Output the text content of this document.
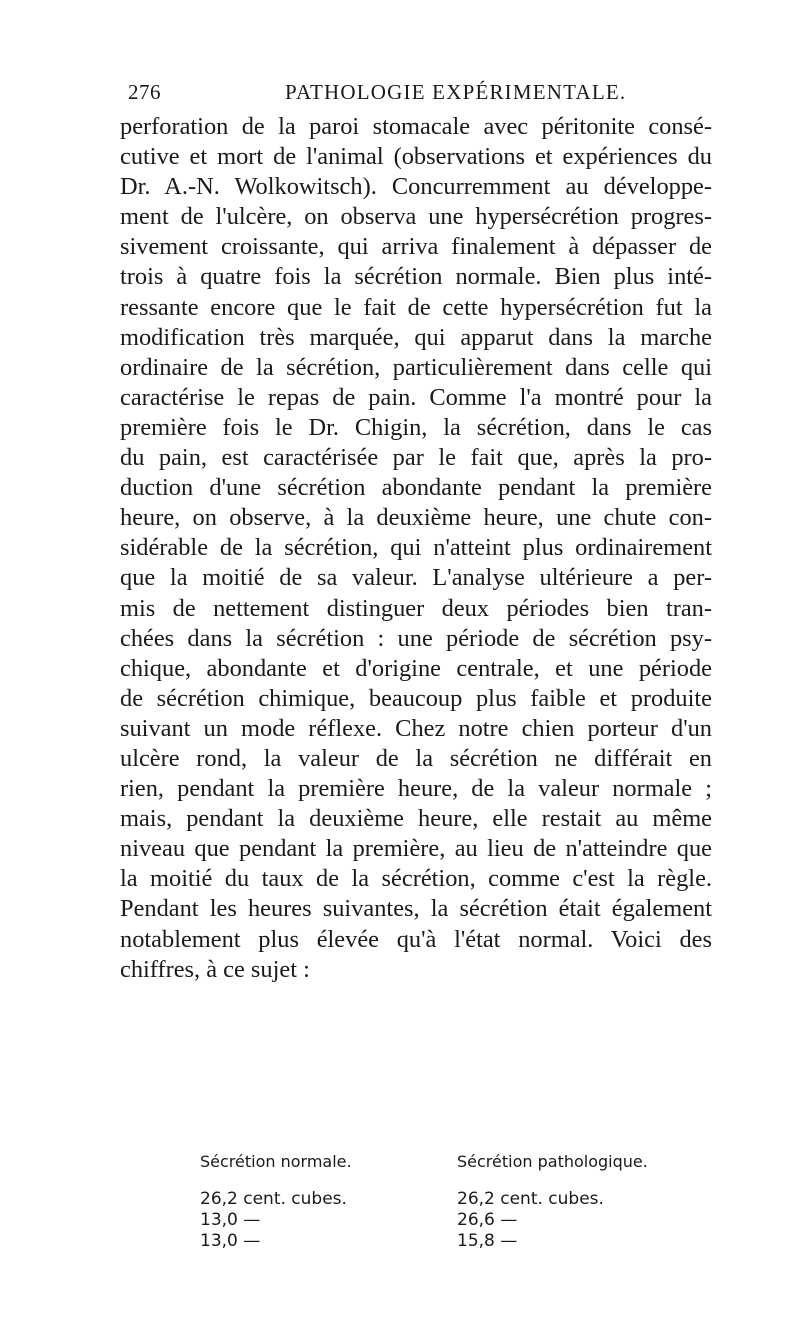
276	PATHOLOGIE EXPÉRIMENTALE.
perforation de la paroi stomacale avec péritonite consé-
cutive et mort de l'animal (observations et expériences du
Dr. A.-N. Wolkowitsch). Concurremment au développe-
ment de l'ulcère, on observa une hypersécrétion progres-
sivement croissante, qui arriva finalement à dépasser de
trois à quatre fois la sécrétion normale. Bien plus inté-
ressante encore que le fait de cette hypersécrétion fut la
modification très marquée, qui apparut dans la marche
ordinaire de la sécrétion, particulièrement dans celle qui
caractérise le repas de pain. Comme l'a montré pour la
première fois le Dr. Chigin, la sécrétion, dans le cas
du pain, est caractérisée par le fait que, après la pro-
duction d'une sécrétion abondante pendant la première
heure, on observe, à la deuxième heure, une chute con-
sidérable de la sécrétion, qui n'atteint plus ordinairement
que la moitié de sa valeur. L'analyse ultérieure a per-
mis de nettement distinguer deux périodes bien tran-
chées dans la sécrétion : une période de sécrétion psy-
chique, abondante et d'origine centrale, et une période
de sécrétion chimique, beaucoup plus faible et produite
suivant un mode réflexe. Chez notre chien porteur d'un
ulcère rond, la valeur de la sécrétion ne différait en
rien, pendant la première heure, de la valeur normale ;
mais, pendant la deuxième heure, elle restait au même
niveau que pendant la première, au lieu de n'atteindre que
la moitié du taux de la sécrétion, comme c'est la règle.
Pendant les heures suivantes, la sécrétion était également
notablement plus élevée qu'à l'état normal. Voici des
chiffres, à ce sujet :
Sécrétion normale.
26,2 cent. cubes.
13,0 —
13,0 —
Sécrétion pathologique.
26,2 cent. cubes.
26,6 —
15,8 —
